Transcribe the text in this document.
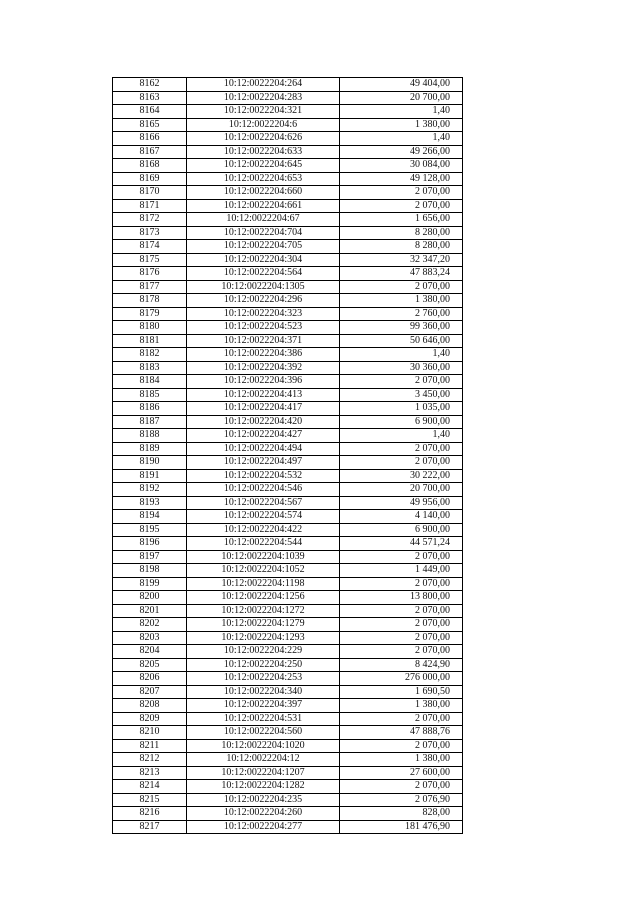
8162	10:12:0022204:264	49 404,00
8163	10:12:0022204:283	20 700,00
8164	10:12:0022204:321	1,40
8165	10:12:0022204:6	1 380,00
8166	10:12:0022204:626	1,40
8167	10:12:0022204:633	49 266,00
8168	10:12:0022204:645	30 084,00
8169	10:12:0022204:653	49 128,00
8170	10:12:0022204:660	2 070,00
8171	10:12:0022204:661	2 070,00
8172	10:12:0022204:67	1 656,00
8173	10:12:0022204:704	8 280,00
8174	10:12:0022204:705	8 280,00
8175	10:12:0022204:304	32 347,20
8176	10:12:0022204:564	47 883,24
8177	10:12:0022204:1305	2 070,00
8178	10:12:0022204:296	1 380,00
8179	10:12:0022204:323	2 760,00
8180	10:12:0022204:523	99 360,00
8181	10:12:0022204:371	50 646,00
8182	10:12:0022204:386	1,40
8183	10:12:0022204:392	30 360,00
8184	10:12:0022204:396	2 070,00
8185	10:12:0022204:413	3 450,00
8186	10:12:0022204:417	1 035,00
8187	10:12:0022204:420	6 900,00
8188	10:12:0022204:427	1,40
8189	10:12:0022204:494	2 070,00
8190	10:12:0022204:497	2 070,00
8191	10:12:0022204:532	30 222,00
8192	10:12:0022204:546	20 700,00
8193	10:12:0022204:567	49 956,00
8194	10:12:0022204:574	4 140,00
8195	10:12:0022204:422	6 900,00
8196	10:12:0022204:544	44 571,24
8197	10:12:0022204:1039	2 070,00
8198	10:12:0022204:1052	1 449,00
8199	10:12:0022204:1198	2 070,00
8200	10:12:0022204:1256	13 800,00
8201	10:12:0022204:1272	2 070,00
8202	10:12:0022204:1279	2 070,00
8203	10:12:0022204:1293	2 070,00
8204	10:12:0022204:229	2 070,00
8205	10:12:0022204:250	8 424,90
8206	10:12:0022204:253	276 000,00
8207	10:12:0022204:340	1 690,50
8208	10:12:0022204:397	1 380,00
8209	10:12:0022204:531	2 070,00
8210	10:12:0022204:560	47 888,76
8211	10:12:0022204:1020	2 070,00
8212	10:12:0022204:12	1 380,00
8213	10:12:0022204:1207	27 600,00
8214	10:12:0022204:1282	2 070,00
8215	10:12:0022204:235	2 076,90
8216	10:12:0022204:260	828,00
8217	10:12:0022204:277	181 476,90
